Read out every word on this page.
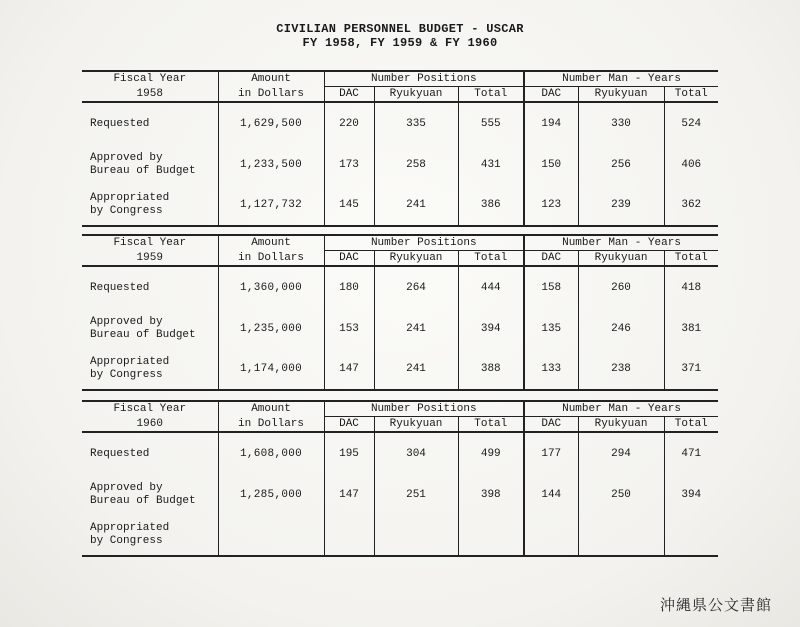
CIVILIAN PERSONNEL BUDGET - USCAR
FY 1958, FY 1959 & FY 1960
Fiscal Year	Amount	Number Positions			Number Man - Years		
1958	in Dollars	DAC	Ryukyuan	Total	DAC	Ryukyuan	Total
Requested	1,629,500	220	335	555	194	330	524

Approved by
Bureau of Budget	1,233,500	173	258	431	150	256	406

Appropriated
by Congress	1,127,732	145	241	386	123	239	362
Fiscal Year	Amount	Number Positions			Number Man - Years		
1959	in Dollars	DAC	Ryukyuan	Total	DAC	Ryukyuan	Total
Requested	1,360,000	180	264	444	158	260	418

Approved by
Bureau of Budget	1,235,000	153	241	394	135	246	381

Appropriated
by Congress	1,174,000	147	241	388	133	238	371
Fiscal Year	Amount	Number Positions			Number Man - Years		
1960	in Dollars	DAC	Ryukyuan	Total	DAC	Ryukyuan	Total
Requested	1,608,000	195	304	499	177	294	471

Approved by
Bureau of Budget	1,285,000	147	251	398	144	250	394

Appropriated
by Congress							

沖縄県公文書館
